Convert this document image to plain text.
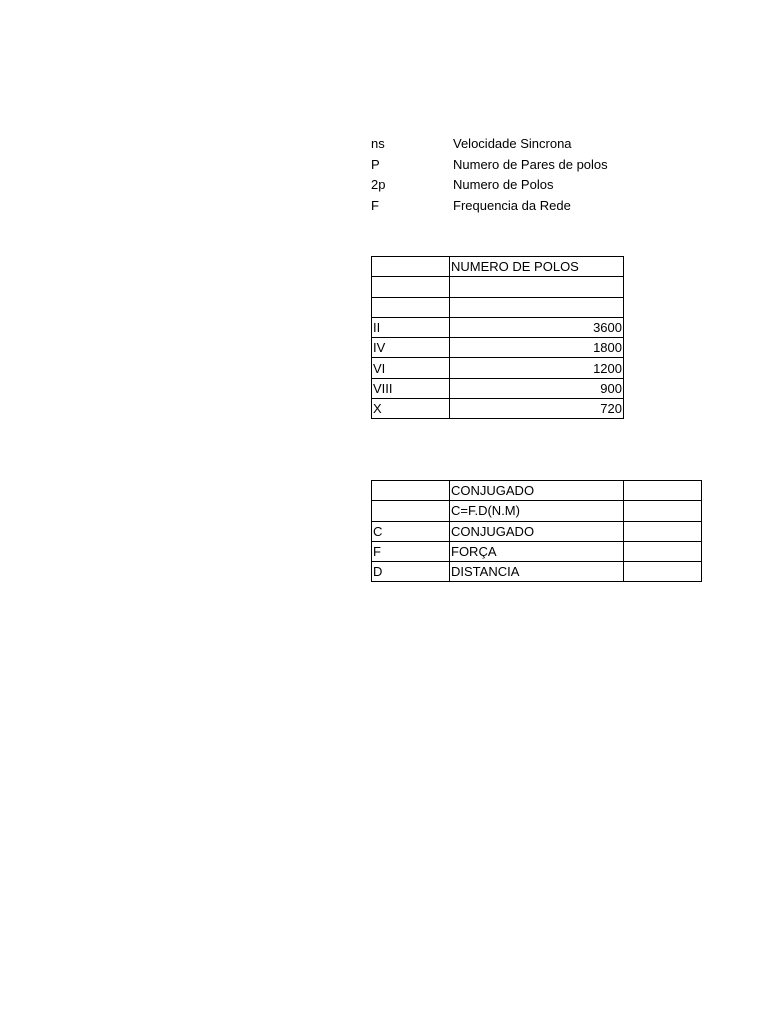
ns	Velocidade Sincrona
P	Numero de Pares de polos
2p	Numero de Polos
F	Frequencia da Rede
	NUMERO DE POLOS

II	3600
IV	1800
VI	1200
VIII	900
X	720
	CONJUGADO	
	C=F.D(N.M)	
C	CONJUGADO	
F	FORÇA	
D	DISTANCIA	
